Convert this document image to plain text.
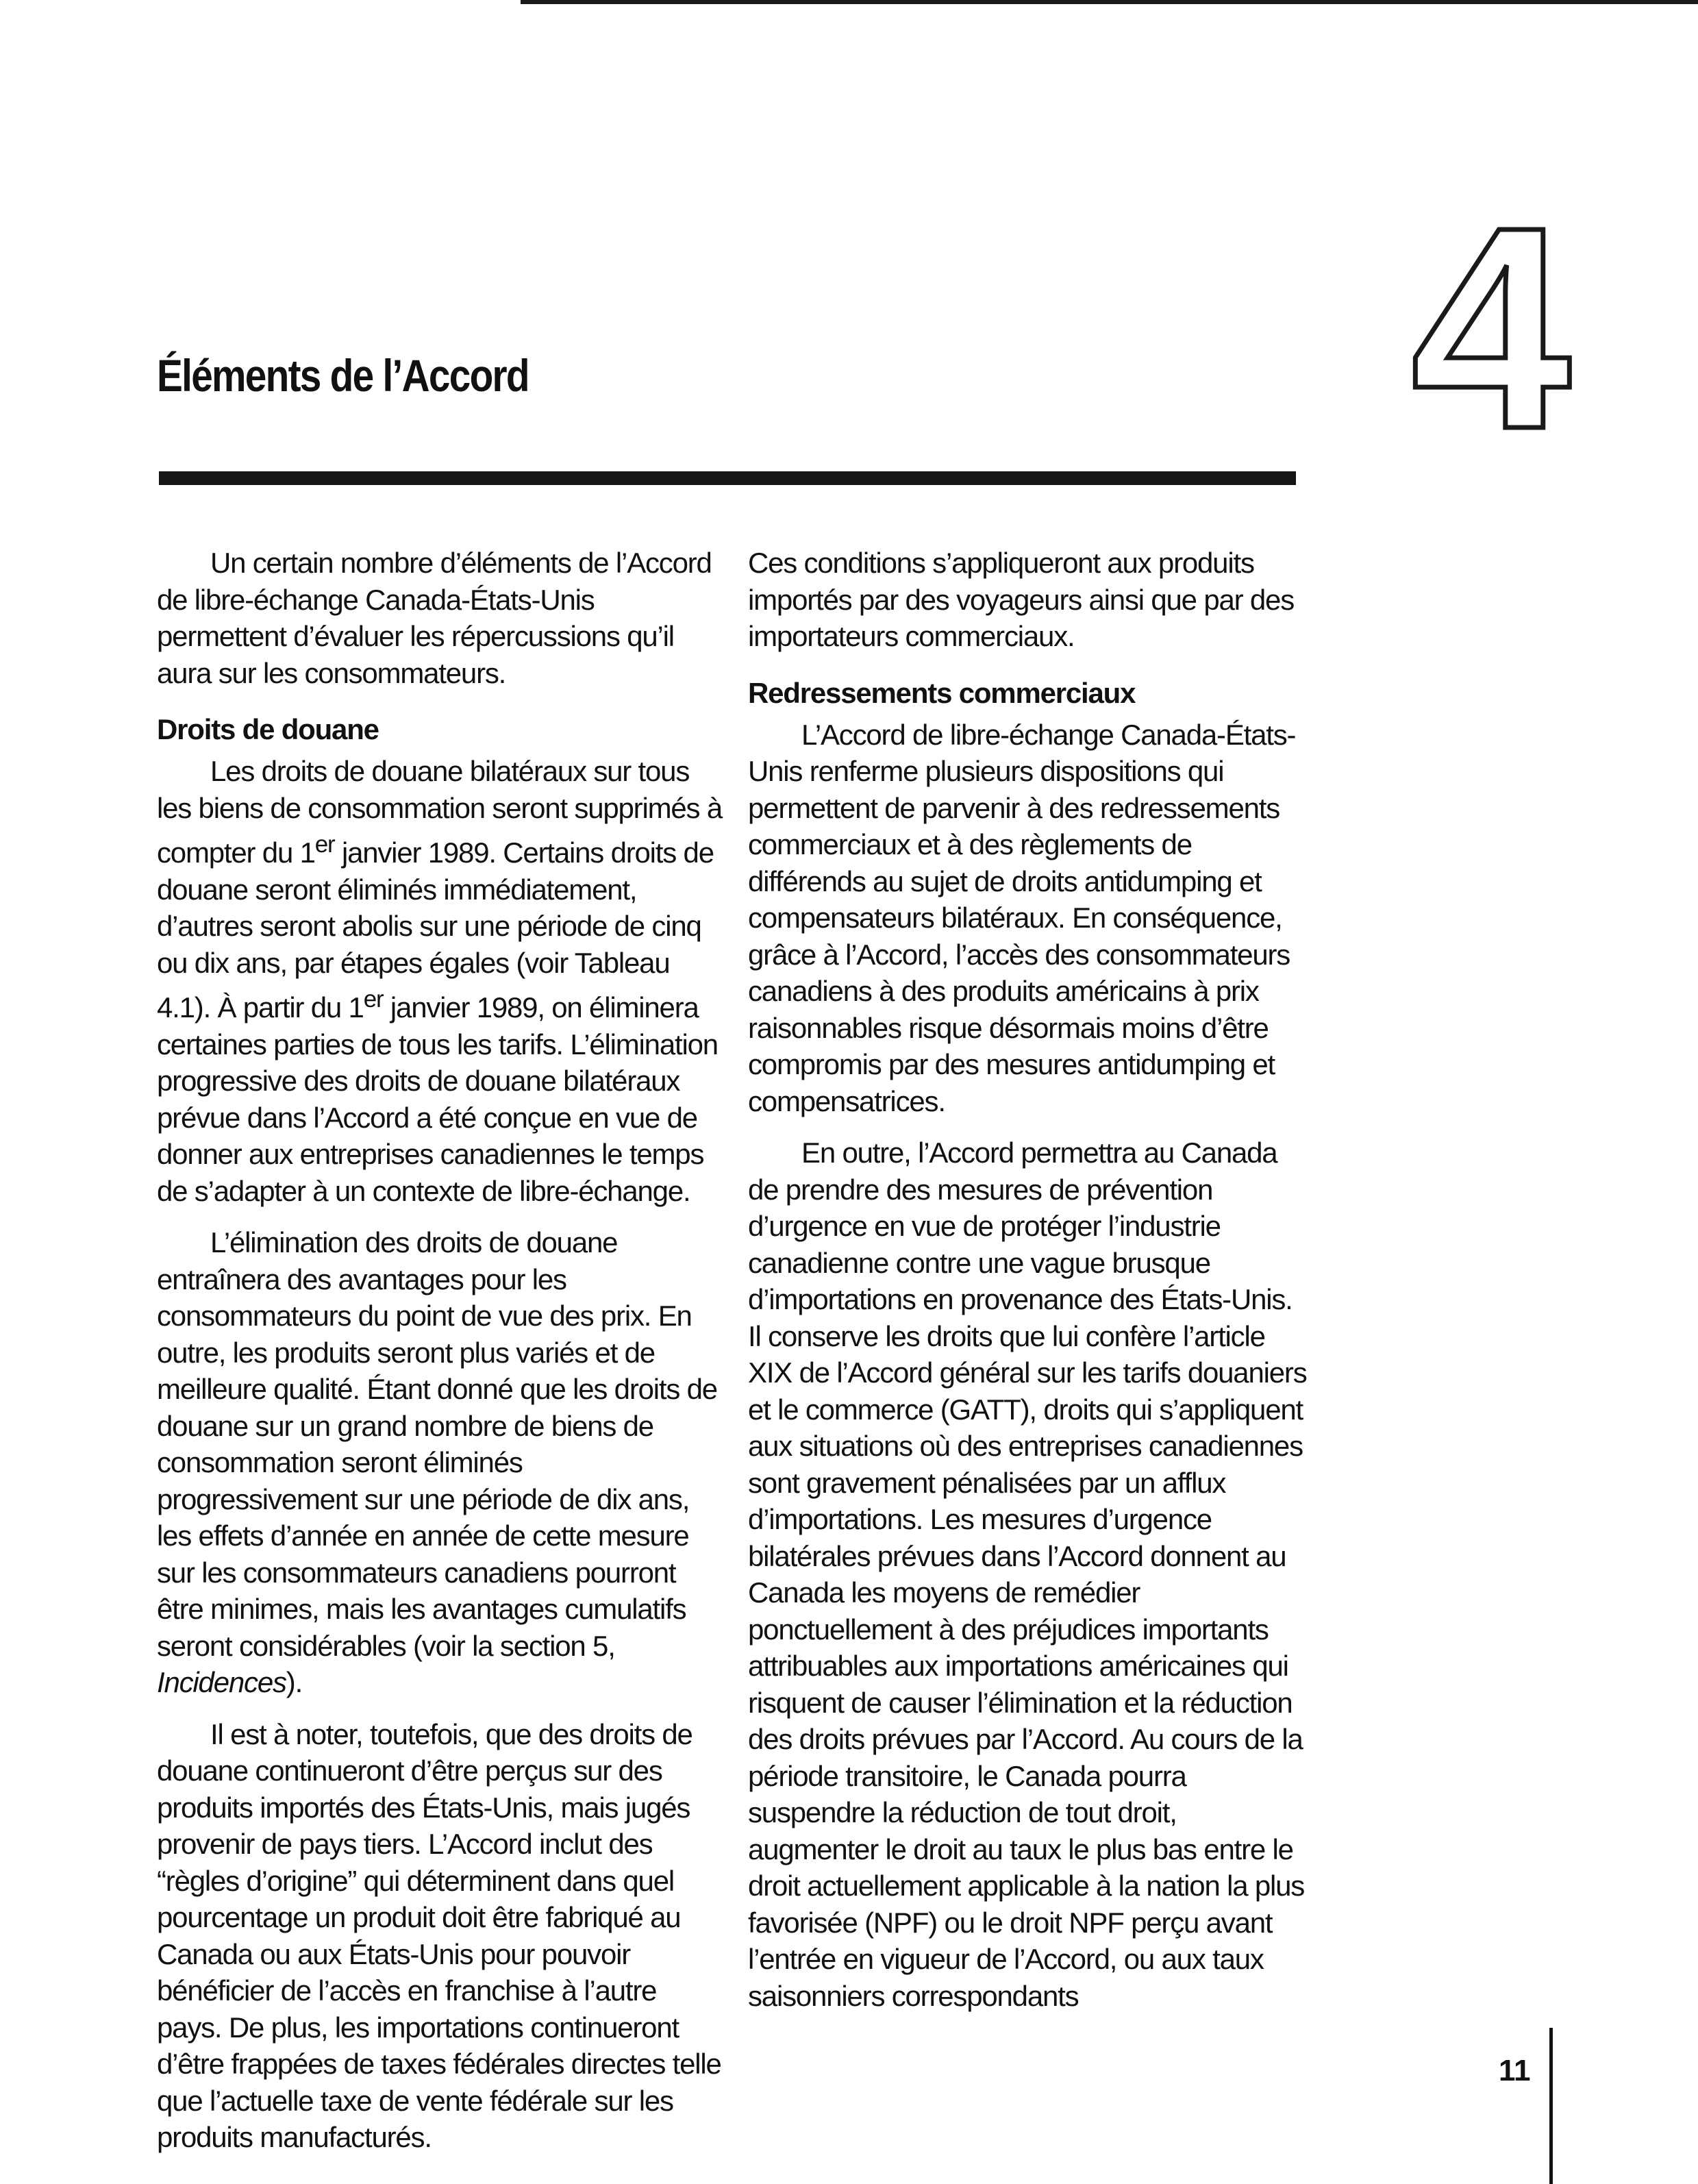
4
Éléments de l’Accord

Un certain nombre d’éléments de l’Accord de libre-échange Canada-États-Unis permettent d’évaluer les répercussions qu’il aura sur les consommateurs.

Droits de douane

Les droits de douane bilatéraux sur tous les biens de consommation seront supprimés à compter du 1er janvier 1989. Certains droits de douane seront éliminés immédiatement, d’autres seront abolis sur une période de cinq ou dix ans, par étapes égales (voir Tableau 4.1). À partir du 1er janvier 1989, on éliminera certaines parties de tous les tarifs. L’élimination progressive des droits de douane bilatéraux prévue dans l’Accord a été conçue en vue de donner aux entreprises canadiennes le temps de s’adapter à un contexte de libre-échange.

L’élimination des droits de douane entraînera des avantages pour les consommateurs du point de vue des prix. En outre, les produits seront plus variés et de meilleure qualité. Étant donné que les droits de douane sur un grand nombre de biens de consommation seront éliminés progressivement sur une période de dix ans, les effets d’année en année de cette mesure sur les consommateurs canadiens pourront être minimes, mais les avantages cumulatifs seront considérables (voir la section 5, Incidences).

Il est à noter, toutefois, que des droits de douane continueront d’être perçus sur des produits importés des États-Unis, mais jugés provenir de pays tiers. L’Accord inclut des “règles d’origine” qui déterminent dans quel pourcentage un produit doit être fabriqué au Canada ou aux États-Unis pour pouvoir bénéficier de l’accès en franchise à l’autre pays. De plus, les importations continueront d’être frappées de taxes fédérales directes telle que l’actuelle taxe de vente fédérale sur les produits manufacturés.

Ces conditions s’appliqueront aux produits importés par des voyageurs ainsi que par des importateurs commerciaux.

Redressements commerciaux

L’Accord de libre-échange Canada-États-Unis renferme plusieurs dispositions qui permettent de parvenir à des redressements commerciaux et à des règlements de différends au sujet de droits antidumping et compensateurs bilatéraux. En conséquence, grâce à l’Accord, l’accès des consommateurs canadiens à des produits américains à prix raisonnables risque désormais moins d’être compromis par des mesures antidumping et compensatrices.

En outre, l’Accord permettra au Canada de prendre des mesures de prévention d’urgence en vue de protéger l’industrie canadienne contre une vague brusque d’importations en provenance des États-Unis. Il conserve les droits que lui confère l’article XIX de l’Accord général sur les tarifs douaniers et le commerce (GATT), droits qui s’appliquent aux situations où des entreprises canadiennes sont gravement pénalisées par un afflux d’importations. Les mesures d’urgence bilatérales prévues dans l’Accord donnent au Canada les moyens de remédier ponctuellement à des préjudices importants attribuables aux importations américaines qui risquent de causer l’élimination et la réduction des droits prévues par l’Accord. Au cours de la période transitoire, le Canada pourra suspendre la réduction de tout droit, augmenter le droit au taux le plus bas entre le droit actuellement applicable à la nation la plus favorisée (NPF) ou le droit NPF perçu avant l’entrée en vigueur de l’Accord, ou aux taux saisonniers correspondants

11
